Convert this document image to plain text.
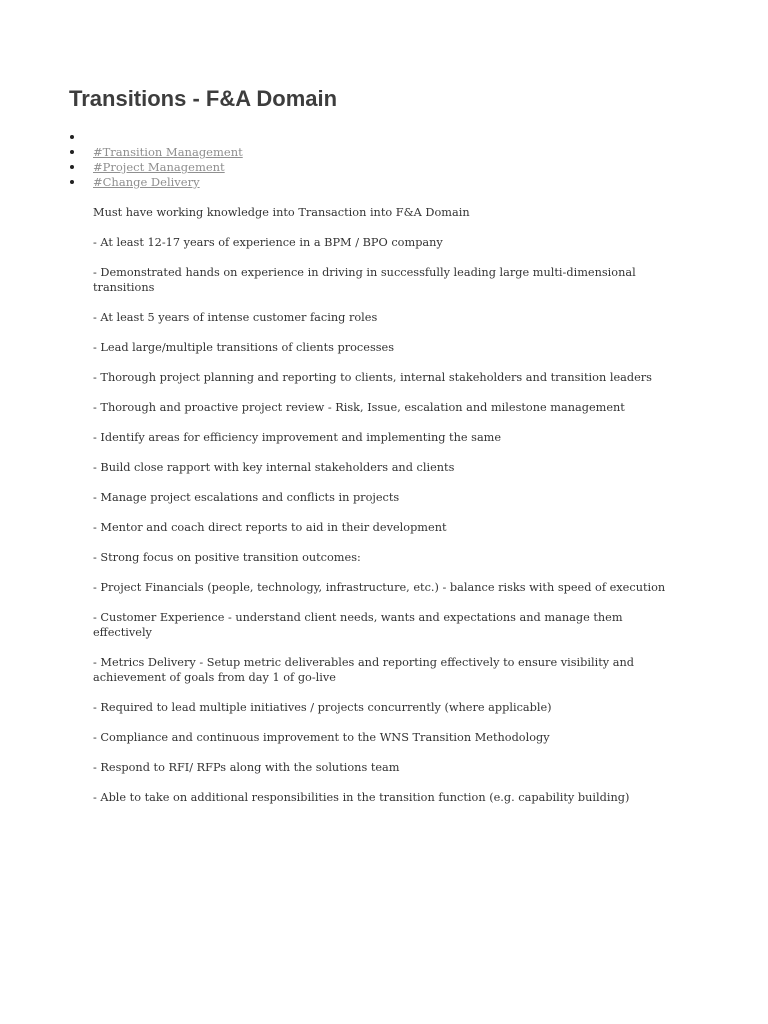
Transitions - F&A Domain
#Transition Management
#Project Management
#Change Delivery

Must have working knowledge into Transaction into F&A Domain

- At least 12-17 years of experience in a BPM / BPO company

- Demonstrated hands on experience in driving in successfully leading large multi-dimensional transitions

- At least 5 years of intense customer facing roles

- Lead large/multiple transitions of clients processes

- Thorough project planning and reporting to clients, internal stakeholders and transition leaders

- Thorough and proactive project review - Risk, Issue, escalation and milestone management

- Identify areas for efficiency improvement and implementing the same

- Build close rapport with key internal stakeholders and clients

- Manage project escalations and conflicts in projects

- Mentor and coach direct reports to aid in their development

- Strong focus on positive transition outcomes:

- Project Financials (people, technology, infrastructure, etc.) - balance risks with speed of execution

- Customer Experience - understand client needs, wants and expectations and manage them effectively

- Metrics Delivery - Setup metric deliverables and reporting effectively to ensure visibility and achievement of goals from day 1 of go-live

- Required to lead multiple initiatives / projects concurrently (where applicable)

- Compliance and continuous improvement to the WNS Transition Methodology

- Respond to RFI/ RFPs along with the solutions team

- Able to take on additional responsibilities in the transition function (e.g. capability building)
